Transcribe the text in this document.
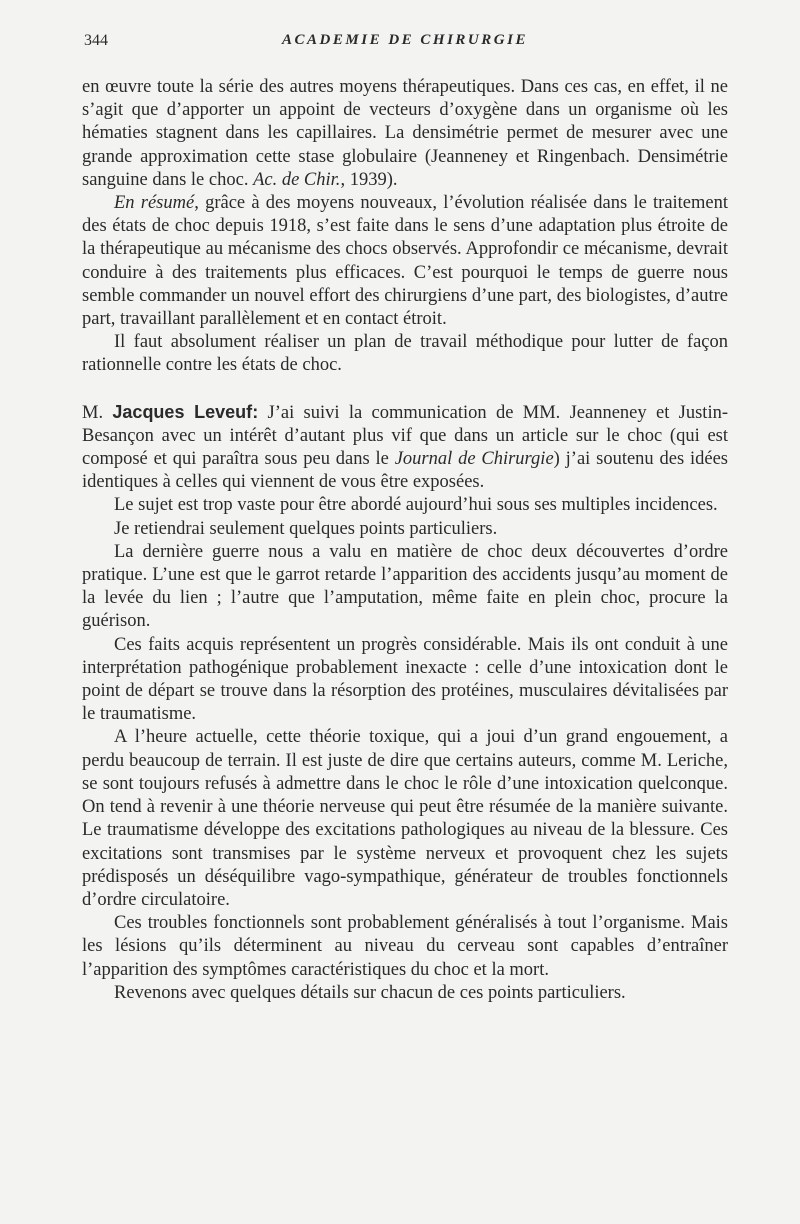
344	ACADEMIE DE CHIRURGIE

en œuvre toute la série des autres moyens thérapeutiques. Dans ces cas, en effet, il ne s’agit que d’apporter un appoint de vecteurs d’oxygène dans un organisme où les hématies stagnent dans les capillaires. La densimétrie permet de mesurer avec une grande approximation cette stase globulaire (Jeanneney et Ringenbach. Densimétrie sanguine dans le choc. Ac. de Chir., 1939).

En résumé, grâce à des moyens nouveaux, l’évolution réalisée dans le traitement des états de choc depuis 1918, s’est faite dans le sens d’une adaptation plus étroite de la thérapeutique au mécanisme des chocs observés. Approfondir ce mécanisme, devrait conduire à des traitements plus efficaces. C’est pourquoi le temps de guerre nous semble commander un nouvel effort des chirurgiens d’une part, des biologistes, d’autre part, travaillant parallèlement et en contact étroit.

Il faut absolument réaliser un plan de travail méthodique pour lutter de façon rationnelle contre les états de choc.

M. Jacques Leveuf: J’ai suivi la communication de MM. Jeanneney et Justin-Besançon avec un intérêt d’autant plus vif que dans un article sur le choc (qui est composé et qui paraîtra sous peu dans le Journal de Chirurgie) j’ai soutenu des idées identiques à celles qui viennent de vous être exposées.

Le sujet est trop vaste pour être abordé aujourd’hui sous ses multiples incidences.

Je retiendrai seulement quelques points particuliers.

La dernière guerre nous a valu en matière de choc deux découvertes d’ordre pratique. L’une est que le garrot retarde l’apparition des accidents jusqu’au moment de la levée du lien ; l’autre que l’amputation, même faite en plein choc, procure la guérison.

Ces faits acquis représentent un progrès considérable. Mais ils ont conduit à une interprétation pathogénique probablement inexacte : celle d’une intoxication dont le point de départ se trouve dans la résorption des protéines, musculaires dévitalisées par le traumatisme.

A l’heure actuelle, cette théorie toxique, qui a joui d’un grand engouement, a perdu beaucoup de terrain. Il est juste de dire que certains auteurs, comme M. Leriche, se sont toujours refusés à admettre dans le choc le rôle d’une intoxication quelconque. On tend à revenir à une théorie nerveuse qui peut être résumée de la manière suivante. Le traumatisme développe des excitations pathologiques au niveau de la blessure. Ces excitations sont transmises par le système nerveux et provoquent chez les sujets prédisposés un déséquilibre vago-sympathique, générateur de troubles fonctionnels d’ordre circulatoire.

Ces troubles fonctionnels sont probablement généralisés à tout l’organisme. Mais les lésions qu’ils déterminent au niveau du cerveau sont capables d’entraîner l’apparition des symptômes caractéristiques du choc et la mort.

Revenons avec quelques détails sur chacun de ces points particuliers.
